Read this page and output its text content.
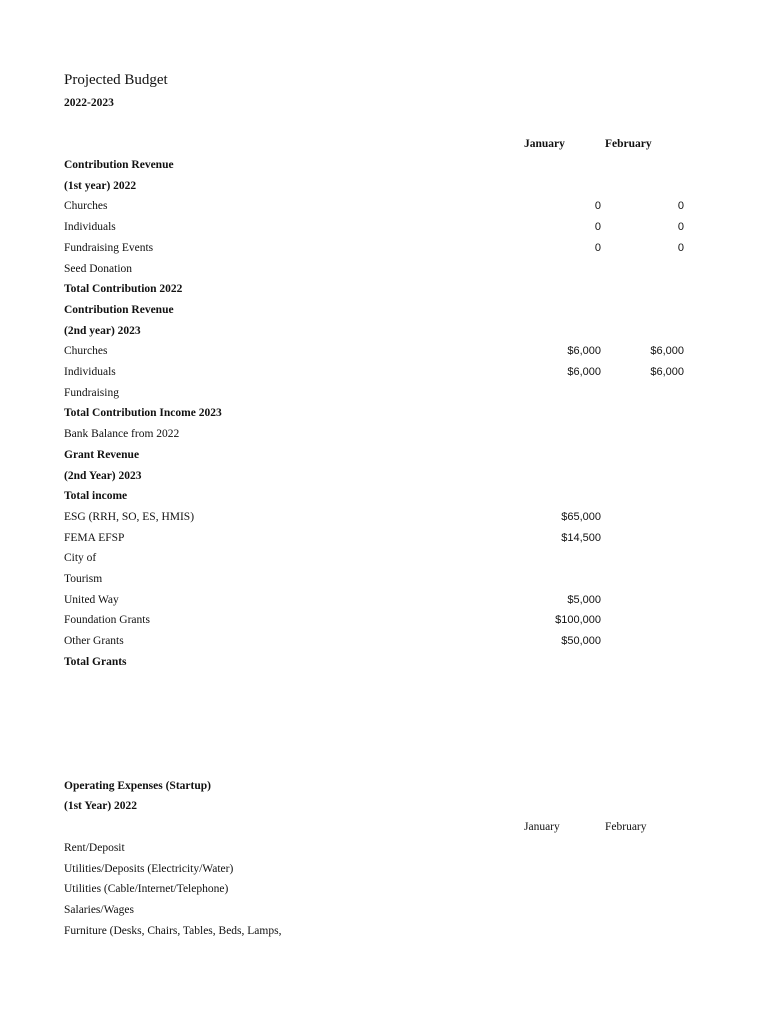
Projected Budget
2022-2023
January	February
Contribution Revenue
(1st year) 2022
Churches	0	0
Individuals	0	0
Fundraising Events	0	0
Seed Donation
Total Contribution 2022
Contribution Revenue
(2nd year) 2023
Churches	$6,000	$6,000
Individuals	$6,000	$6,000
Fundraising
Total Contribution Income 2023
Bank Balance from 2022
Grant Revenue
(2nd Year) 2023
Total income
ESG (RRH, SO, ES, HMIS)	$65,000
FEMA EFSP	$14,500
City of
Tourism
United Way	$5,000
Foundation Grants	$100,000
Other Grants	$50,000
Total Grants
Operating Expenses (Startup)
(1st Year) 2022
January	February
Rent/Deposit
Utilities/Deposits (Electricity/Water)
Utilities (Cable/Internet/Telephone)
Salaries/Wages
Furniture (Desks, Chairs, Tables, Beds, Lamps,
